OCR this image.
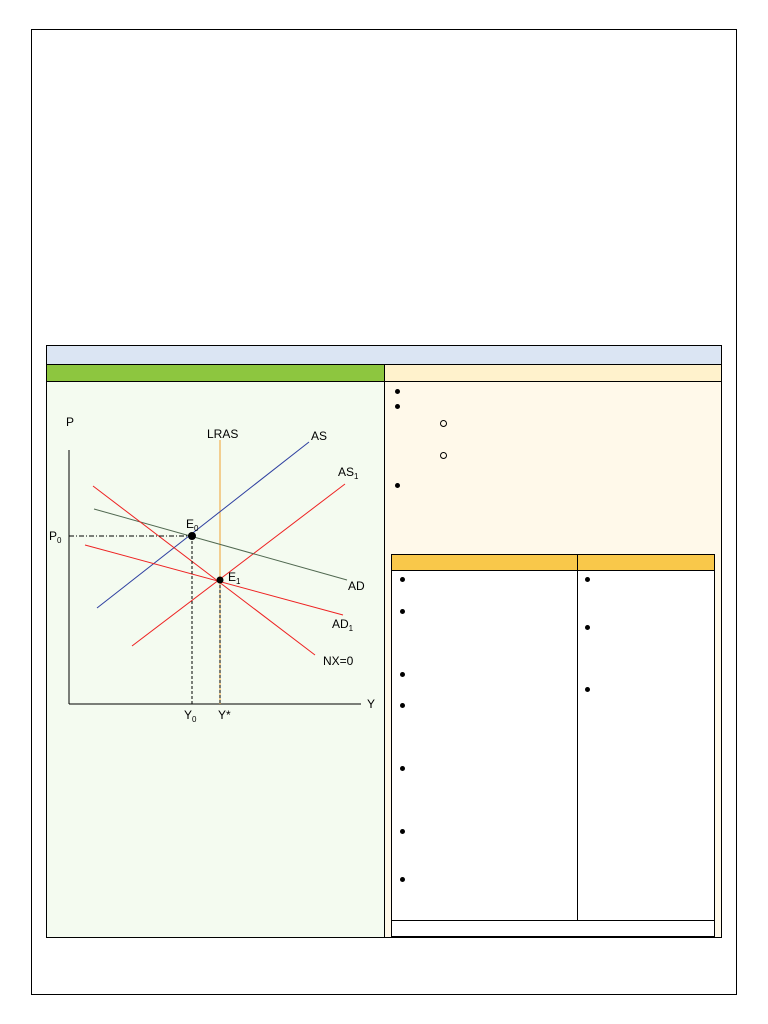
P
Y
LRAS	AS
$AS_1$
AD
$AD_1$
NX=0
$E_0$
$E_1$
$P_0$
$Y_0$ Y*
